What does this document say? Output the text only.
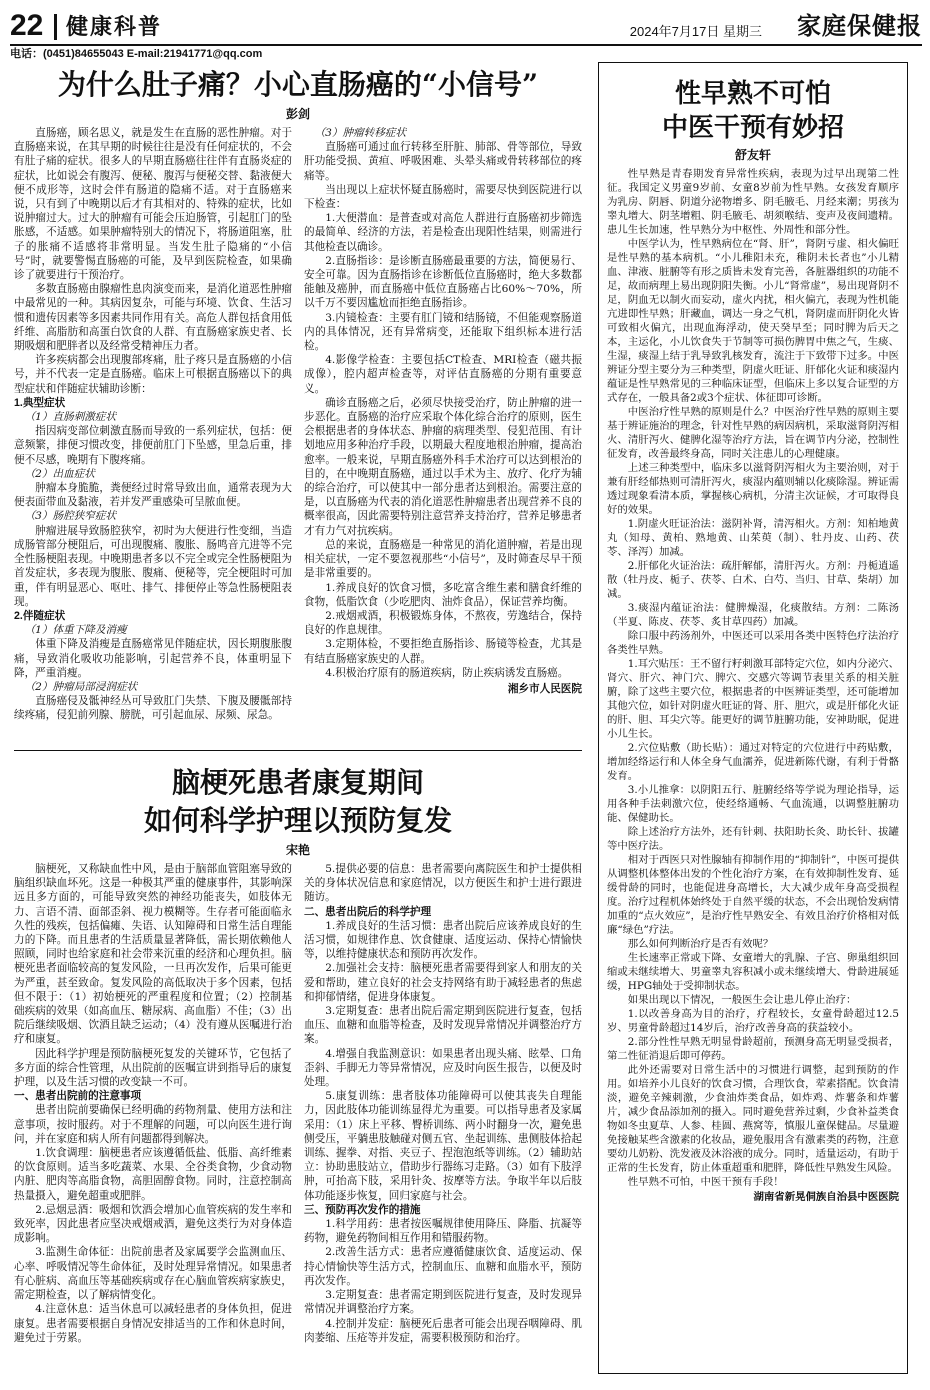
22 健康科普	2024年7月17日 星期三 家庭保健报
电话：(0451)84655043 E-mail:21941771@qq.com
为什么肚子痛？小心直肠癌的“小信号”
彭剑

直肠癌，顾名思义，就是发生在直肠的恶性肿瘤。对于直肠癌来说，在其早期的时候往往是没有任何症状的，不会有肚子痛的症状。很多人的早期直肠癌往往伴有直肠炎症的症状，比如说会有腹泻、便秘、腹泻与便秘交替、黏液便大便不成形等，这时会伴有肠道的隐痛不适。对于直肠癌来说，只有到了中晚期以后才有其相对的、特殊的症状，比如说肿瘤过大。过大的肿瘤有可能会压迫肠管，引起肛门的坠胀感，不适感。如果肿瘤特别大的情况下，将肠道阻塞，肚子的胀痛不适感将非常明显。当发生肚子隐痛的“小信号”时，就要警惕直肠癌的可能，及早到医院检查，如果确诊了就要进行干预治疗。

多数直肠癌由腺瘤性息肉演变而来，是消化道恶性肿瘤中最常见的一种。其病因复杂，可能与环境、饮食、生活习惯和遗传因素等多因素共同作用有关。高危人群包括食用低纤维、高脂肪和高蛋白饮食的人群、有直肠癌家族史者、长期吸烟和肥胖者以及经常受精神压力者。

许多疾病都会出现腹部疼痛，肚子疼只是直肠癌的小信号，并不代表一定是直肠癌。临床上可根据直肠癌以下的典型症状和伴随症状辅助诊断：

1.典型症状

（1）直肠刺激症状

指因病变部位刺激直肠而导致的一系列症状，包括：便意频繁，排便习惯改变，排便前肛门下坠感，里急后重，排便不尽感，晚期有下腹疼痛。

（2）出血症状

肿瘤本身脆脆，粪便经过时常导致出血，通常表现为大便表面带血及黏液，若并发严重感染可呈脓血便。

（3）肠腔狭窄症状

肿瘤进展导致肠腔狭窄，初时为大便进行性变细，当造成肠管部分梗阻后，可出现腹痛、腹胀、肠鸣音亢进等不完全性肠梗阻表现。中晚期患者多以不完全或完全性肠梗阻为首发症状，多表现为腹胀、腹痛、便秘等，完全梗阻时可加重，伴有明显恶心、呕吐、排气、排便停止等急性肠梗阻表现。

2.伴随症状

（1）体重下降及消瘦

体重下降及消瘦是直肠癌常见伴随症状，因长期腹胀腹痛，导致消化吸收功能影响，引起营养不良，体重明显下降，严重消瘦。

（2）肿瘤局部浸润症状

直肠癌侵及骶神经丛可导致肛门失禁、下腹及腰骶部持续疼痛，侵犯前列腺、膀胱，可引起血尿、尿频、尿急。

（3）肿瘤转移症状

直肠癌可通过血行转移至肝脏、肺部、骨等部位，导致肝功能受损、黄疸、呼吸困难、头晕头痛或骨转移部位的疼痛等。

当出现以上症状怀疑直肠癌时，需要尽快到医院进行以下检查：

1.大便潜血：是普查或对高危人群进行直肠癌初步筛选的最简单、经济的方法，若是检查出现阳性结果，则需进行其他检查以确诊。

2.直肠指诊：是诊断直肠癌最重要的方法，简便易行、安全可靠。因为直肠指诊在诊断低位直肠癌时，绝大多数都能触及癌肿，而直肠癌中低位直肠癌占比60%～70%，所以千万不要因尴尬而拒绝直肠指诊。

3.内镜检查：主要有肛门镜和结肠镜，不但能观察肠道内的具体情况，还有异常病变，还能取下组织标本进行活检。

4.影像学检查：主要包括CT检查、MRI检查（磁共振成像），腔内超声检查等，对评估直肠癌的分期有重要意义。

确诊直肠癌之后，必须尽快接受治疗，防止肿瘤的进一步恶化。直肠癌的治疗应采取个体化综合治疗的原则，医生会根据患者的身体状态、肿瘤的病理类型、侵犯范围、有计划地应用多种治疗手段，以期最大程度地根治肿瘤，提高治愈率。一般来说，早期直肠癌外科手术治疗可以达到根治的目的，在中晚期直肠癌，通过以手术为主、放疗、化疗为辅的综合治疗，可以使其中一部分患者达到根治。需要注意的是，以直肠癌为代表的消化道恶性肿瘤患者出现营养不良的概率很高，因此需要特别注意营养支持治疗，营养足够患者才有力气对抗疾病。

总的来说，直肠癌是一种常见的消化道肿瘤，若是出现相关症状，一定不要忽视那些“小信号”，及时筛查尽早干预是非常重要的。

1.养成良好的饮食习惯，多吃富含维生素和膳食纤维的食物，低脂饮食（少吃肥肉、油炸食品），保证营养均衡。

2.戒烟戒酒，积极锻炼身体，不熬夜，劳逸结合，保持良好的作息规律。

3.定期体检，不要拒绝直肠指诊、肠镜等检查，尤其是有结直肠癌家族史的人群。

4.积极治疗原有的肠道疾病，防止疾病诱发直肠癌。

湘乡市人民医院

脑梗死患者康复期间
如何科学护理以预防复发
宋艳

脑梗死，又称缺血性中风，是由于脑部血管阻塞导致的脑组织缺血坏死。这是一种极其严重的健康事件，其影响深远且多方面的，可能导致突然的神经功能丧失，如肢体无力、言语不清、面部歪斜、视力模糊等。生存者可能面临永久性的残疾，包括偏瘫、失语、认知障碍和日常生活自理能力的下降。而且患者的生活质量显著降低，需长期依赖他人照顾，同时也给家庭和社会带来沉重的经济和心理负担。脑梗死患者面临较高的复发风险，一旦再次发作，后果可能更为严重，甚至致命。复发风险的高低取决于多个因素，包括但不限于：（1）初始梗死的严重程度和位置；（2）控制基础疾病的效果（如高血压、糖尿病、高血脂）不佳；（3）出院后继续吸烟、饮酒且缺乏运动；（4）没有遵从医嘱进行治疗和康复。

因此科学护理是预防脑梗死复发的关键环节，它包括了多方面的综合性管理，从出院前的医嘱宣讲到指导后的康复护理，以及生活习惯的改变缺一不可。

一、患者出院前的注意事项

患者出院前要确保已经明确的药物剂量、使用方法和注意事项，按时服药。对于不理解的问题，可以向医生进行询问，并在家庭和病人所有问题都得到解决。

1.饮食调理：脑梗患者应该遵循低盐、低脂、高纤维素的饮食原则。适当多吃蔬菜、水果、全谷类食物，少食动物内脏、肥肉等高脂食物，高胆固醇食物。同时，注意控制高热量摄入，避免超重或肥胖。

2.忌烟忌酒：吸烟和饮酒会增加心血管疾病的发生率和致死率，因此患者应坚决戒烟戒酒，避免这类行为对身体造成影响。

3.监测生命体征：出院前患者及家属要学会监测血压、心率、呼吸情况等生命体征，及时处理异常情况。如果患者有心脏病、高血压等基础疾病或存在心脑血管疾病家族史，需定期检查，以了解病情变化。

4.注意休息：适当休息可以减轻患者的身体负担，促进康复。患者需要根据自身情况安排适当的工作和休息时间，避免过于劳累。

5.提供必要的信息：患者需要向离院医生和护士提供相关的身体状况信息和家庭情况，以方便医生和护士进行跟进随访。

二、患者出院后的科学护理

1.养成良好的生活习惯：患者出院后应该养成良好的生活习惯，如规律作息、饮食健康、适度运动、保持心情愉快等，以维持健康状态和预防再次发作。

2.加强社会支持：脑梗死患者需要得到家人和朋友的关爱和帮助，建立良好的社会支持网络有助于减轻患者的焦虑和抑郁情绪，促进身体康复。

3.定期复查：患者出院后需定期到医院进行复查，包括血压、血糖和血脂等检查，及时发现异常情况并调整治疗方案。

4.增强自我监测意识：如果患者出现头痛、眩晕、口角歪斜、手脚无力等异常情况，应及时向医生报告，以便及时处理。

5.康复训练：患者肢体功能障碍可以使其丧失自理能力，因此肢体功能训练显得尤为重要。可以指导患者及家属采用：（1）床上平移、臀桥训练、两小时翻身一次，避免患侧受压，平躺患肢触碰对侧五官、坐起训练、患侧肢体拾起训练、握拳、对指、夹豆子、捏泡泡纸等训练。（2）辅助站立：协助患肢站立，借助步行器练习走路。（3）如有下肢浮肿，可抬高下肢，采用针灸、按摩等方法。争取半年以后肢体功能逐步恢复，回归家庭与社会。

三、预防再次发作的措施

1.科学用药：患者按医嘱规律使用降压、降脂、抗凝等药物，避免药物间相互作用和错服药物。

2.改善生活方式：患者应遵循健康饮食、适度运动、保持心情愉快等生活方式，控制血压、血糖和血脂水平，预防再次发作。

3.定期复查：患者需定期到医院进行复查，及时发现异常情况并调整治疗方案。

4.控制并发症：脑梗死后患者可能会出现吞咽障碍、肌肉萎缩、压疮等并发症，需要积极预防和治疗。

性早熟不可怕
中医干预有妙招
舒友轩

性早熟是青春期发育异常性疾病，表现为过早出现第二性征。我国定义男童9岁前、女童8岁前为性早熟。女孩发育顺序为乳房、阴唇、阴道分泌物增多、阴毛腋毛、月经来潮；男孩为睾丸增大、阴茎增粗、阴毛腋毛、胡须喉结、变声及夜间遗精。患儿生长加速，性早熟分为中枢性、外周性和部分性。

中医学认为，性早熟病位在“肾、肝”，肾阴亏虚、相火偏旺是性早熟的基本病机。“小儿稚阳未充，稚阴未长者也”小儿精血、津液、脏腑等有形之质皆未发育完善，各脏器组织的功能不足，故而病理上易出现阴阳失衡。小儿“肾常虚”，易出现肾阴不足，阴血无以制火而妄动，虚火内扰，相火偏亢，表现为性机能亢进即性早熟；肝藏血，调达一身之气机，肾阴虚而肝阴化火皆可致相火偏亢，出现血海浮动，使天癸早至；同时脾为后天之本，主运化，小儿饮食失于节制等可损伤脾胃中焦之气，生痰、生湿，痰湿上结于乳导致乳核发育，流注于下致带下过多。中医辨证分型主要分为三种类型，阴虚火旺证、肝郁化火证和痰湿内蕴证是性早熟常见的三种临床证型，但临床上多以复合证型的方式存在，一般具备2或3个症状、体征即可诊断。

中医治疗性早熟的原则是什么？中医治疗性早熟的原则主要基于辨证施治的理念，针对性早熟的病因病机，采取滋肾阴泻相火、清肝泻火、健脾化湿等治疗方法，旨在调节内分泌，控制性征发育，改善最终身高，同时关注患儿的心理健康。

上述三种类型中，临床多以滋肾阴泻相火为主要治则，对于兼有肝经郁热则可清肝泻火，痰湿内蕴则辅以化痰除湿。辨证需透过现象看清本质，掌握核心病机，分清主次证候，才可取得良好的效果。

1.阴虚火旺证治法：滋阴补肾，清泻相火。方剂：知柏地黄丸（知母、黄柏、熟地黄、山茱萸（制）、牡丹皮、山药、茯苓、泽泻）加减。

2.肝郁化火证治法：疏肝解郁，清肝泻火。方剂：丹栀逍遥散（牡丹皮、栀子、茯苓、白术、白芍、当归、甘草、柴胡）加减。

3.痰湿内蕴证治法：健脾燥湿，化痰散结。方剂：二陈汤（半夏、陈皮、茯苓、炙甘草四药）加减。

除口服中药汤剂外，中医还可以采用各类中医特色疗法治疗各类性早熟。

1.耳穴贴压：王不留行籽刺激耳部特定穴位，如内分泌穴、肾穴、肝穴、神门穴、脾穴、交感穴等调节表里关系的相关脏腑，除了这些主要穴位，根据患者的中医辨证类型，还可能增加其他穴位，如针对阴虚火旺证的肾、肝、胆穴，或是肝郁化火证的肝、胆、耳尖穴等。能更好的调节脏腑功能，安神助眠，促进小儿生长。

2.穴位贴敷（助长贴）：通过对特定的穴位进行中药贴敷，增加经络运行和人体全身气血濡养，促进新陈代谢，有利于骨骼发育。

3.小儿推拿：以阴阳五行、脏腑经络等学说为理论指导，运用各种手法刺激穴位，使经络通畅、气血流通，以调整脏腑功能、保健助长。

除上述治疗方法外，还有针刺、扶阳助长灸、助长针、拔罐等中医疗法。

相对于西医只对性腺轴有抑制作用的“抑制针”，中医可提供从调整机体整体出发的个性化治疗方案，在有效抑制性发育、延缓骨龄的同时，也能促进身高增长，大大减少成年身高受损程度。治疗过程机体始终处于自然平缓的状态，不会出现恰发病情加重的“点火效应”，是治疗性早熟安全、有效且治疗价格相对低廉“绿色”疗法。

那么如何判断治疗是否有效呢？

生长速率正常或下降、女童增大的乳腺、子宫、卵巢组织回缩或未继续增大、男童睾丸容积减小或未继续增大、骨龄进展延缓，HPG轴处于受抑制状态。

如果出现以下情况，一般医生会让患儿停止治疗：

1.以改善身高为目的治疗，疗程较长，女童骨龄超过12.5岁、男童骨龄超过14岁后，治疗改善身高的获益较小。

2.部分性性早熟无明显骨龄超前，预测身高无明显受损者，第二性征消退后即可停药。

此外还需要对日常生活中的习惯进行调整，起到预防的作用。如培养小儿良好的饮食习惯，合理饮食，荤素搭配。饮食清淡，避免辛辣刺激，少食油炸类食品，如炸鸡、炸薯条和炸薯片，减少食品添加剂的摄入。同时避免营养过剩，少食补益类食物如冬虫夏草、人参、桂圆、燕窝等，慎服儿童保健品。尽量避免接触某些含激素的化妆品，避免服用含有激素类的药物，注意要幼儿奶粉、洗发液及沐浴液的成分。同时，适量运动，有助于正常的生长发育，防止体重超重和肥胖，降低性早熟发生风险。

性早熟不可怕，中医干预有手段！

湖南省新晃侗族自治县中医医院
